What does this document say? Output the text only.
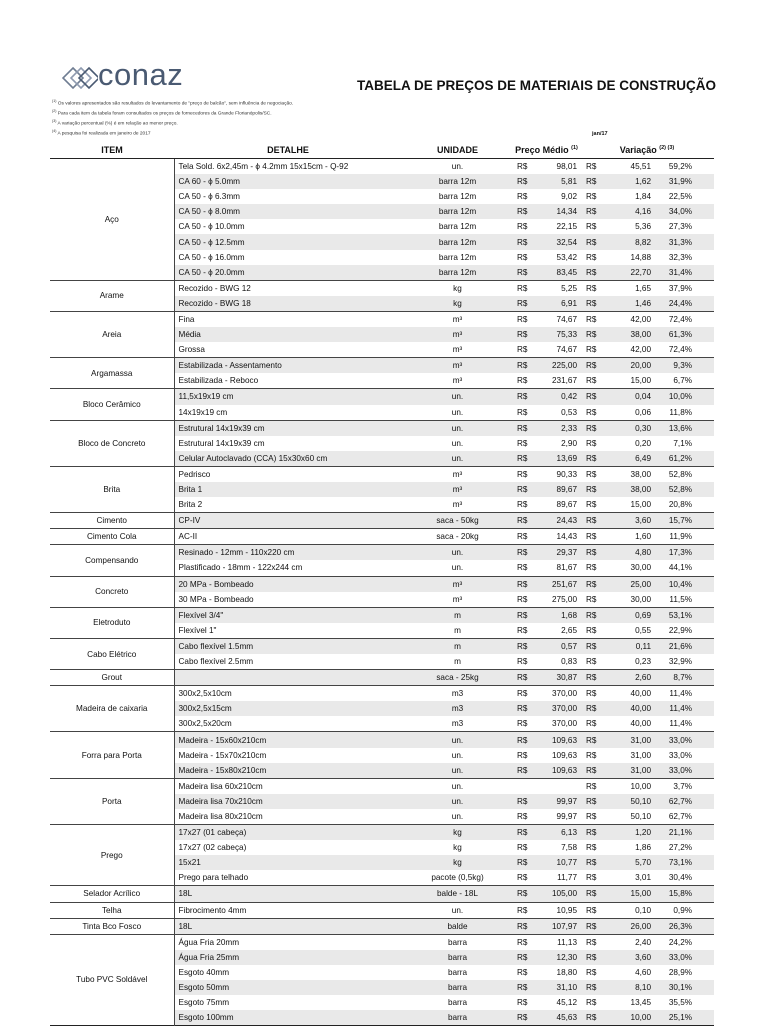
conaz	TABELA DE PREÇOS DE MATERIAIS DE CONSTRUÇÃO
$^{(1)}$ Os valores apresentados são resultados do levantamento de "preço de balcão", sem influência de negociação.
$^{(2)}$ Para cada item da tabela foram consultados os preços de fornecedores da Grande Florianópolis/SC.
$^{(3)}$ A variação percentual (%) é em relação ao menor preço.
$^{(4)}$ A pesquisa foi realizada em janeiro de 2017	jan/17
ITEM	DETALHE	UNIDADE	Preço Médio $^{(1)}$		Variação $^{(2) (3)}$
Aço	Tela Sold. 6x2,45m - ϕ 4.2mm 15x15cm - Q-92	un.	R$	98,01	R$	45,51	59,2%
	CA 60 - ϕ 5.0mm	barra 12m	R$	5,81	R$	1,62	31,9%
	CA 50 - ϕ 6.3mm	barra 12m	R$	9,02	R$	1,84	22,5%
	CA 50 - ϕ 8.0mm	barra 12m	R$	14,34	R$	4,16	34,0%
	CA 50 - ϕ 10.0mm	barra 12m	R$	22,15	R$	5,36	27,3%
	CA 50 - ϕ 12.5mm	barra 12m	R$	32,54	R$	8,82	31,3%
	CA 50 - ϕ 16.0mm	barra 12m	R$	53,42	R$	14,88	32,3%
	CA 50 - ϕ 20.0mm	barra 12m	R$	83,45	R$	22,70	31,4%
Arame	Recozido - BWG 12	kg	R$	5,25	R$	1,65	37,9%
	Recozido - BWG 18	kg	R$	6,91	R$	1,46	24,4%
Areia	Fina	m³	R$	74,67	R$	42,00	72,4%
	Média	m³	R$	75,33	R$	38,00	61,3%
	Grossa	m³	R$	74,67	R$	42,00	72,4%
Argamassa	Estabilizada - Assentamento	m³	R$	225,00	R$	20,00	9,3%
	Estabilizada - Reboco	m³	R$	231,67	R$	15,00	6,7%
Bloco Cerâmico	11,5x19x19 cm	un.	R$	0,42	R$	0,04	10,0%
	14x19x19 cm	un.	R$	0,53	R$	0,06	11,8%
Bloco de Concreto	Estrutural 14x19x39 cm	un.	R$	2,33	R$	0,30	13,6%
	Estrutural 14x19x39 cm	un.	R$	2,90	R$	0,20	7,1%
	Celular Autoclavado (CCA) 15x30x60 cm	un.	R$	13,69	R$	6,49	61,2%
Brita	Pedrisco	m³	R$	90,33	R$	38,00	52,8%
	Brita 1	m³	R$	89,67	R$	38,00	52,8%
	Brita 2	m³	R$	89,67	R$	15,00	20,8%
Cimento	CP-IV	saca - 50kg	R$	24,43	R$	3,60	15,7%
Cimento Cola	AC-II	saca - 20kg	R$	14,43	R$	1,60	11,9%
Compensando	Resinado - 12mm - 110x220 cm	un.	R$	29,37	R$	4,80	17,3%
	Plastificado - 18mm - 122x244 cm	un.	R$	81,67	R$	30,00	44,1%
Concreto	20 MPa - Bombeado	m³	R$	251,67	R$	25,00	10,4%
	30 MPa - Bombeado	m³	R$	275,00	R$	30,00	11,5%
Eletroduto	Flexível 3/4"	m	R$	1,68	R$	0,69	53,1%
	Flexível 1"	m	R$	2,65	R$	0,55	22,9%
Cabo Elétrico	Cabo flexível 1.5mm	m	R$	0,57	R$	0,11	21,6%
	Cabo flexível 2.5mm	m	R$	0,83	R$	0,23	32,9%
Grout		saca - 25kg	R$	30,87	R$	2,60	8,7%
Madeira de caixaria	300x2,5x10cm	m3	R$	370,00	R$	40,00	11,4%
	300x2,5x15cm	m3	R$	370,00	R$	40,00	11,4%
	300x2,5x20cm	m3	R$	370,00	R$	40,00	11,4%
Forra para Porta	Madeira - 15x60x210cm	un.	R$	109,63	R$	31,00	33,0%
	Madeira - 15x70x210cm	un.	R$	109,63	R$	31,00	33,0%
	Madeira - 15x80x210cm	un.	R$	109,63	R$	31,00	33,0%
Porta	Madeira lisa 60x210cm	un.			R$	10,00	3,7%
	Madeira lisa 70x210cm	un.	R$	99,97	R$	50,10	62,7%
	Madeira lisa 80x210cm	un.	R$	99,97	R$	50,10	62,7%
Prego	17x27 (01 cabeça)	kg	R$	6,13	R$	1,20	21,1%
	17x27 (02 cabeça)	kg	R$	7,58	R$	1,86	27,2%
	15x21	kg	R$	10,77	R$	5,70	73,1%
	Prego para telhado	pacote (0,5kg)	R$	11,77	R$	3,01	30,4%
Selador Acrílico	18L	balde - 18L	R$	105,00	R$	15,00	15,8%
Telha	Fibrocimento 4mm	un.	R$	10,95	R$	0,10	0,9%
Tinta Bco Fosco	18L	balde	R$	107,97	R$	26,00	26,3%
Tubo PVC Soldável	Água Fria 20mm	barra	R$	11,13	R$	2,40	24,2%
	Água Fria 25mm	barra	R$	12,30	R$	3,60	33,0%
	Esgoto 40mm	barra	R$	18,80	R$	4,60	28,9%
	Esgoto 50mm	barra	R$	31,10	R$	8,10	30,1%
	Esgoto 75mm	barra	R$	45,12	R$	13,45	35,5%
	Esgoto 100mm	barra	R$	45,63	R$	10,00	25,1%
